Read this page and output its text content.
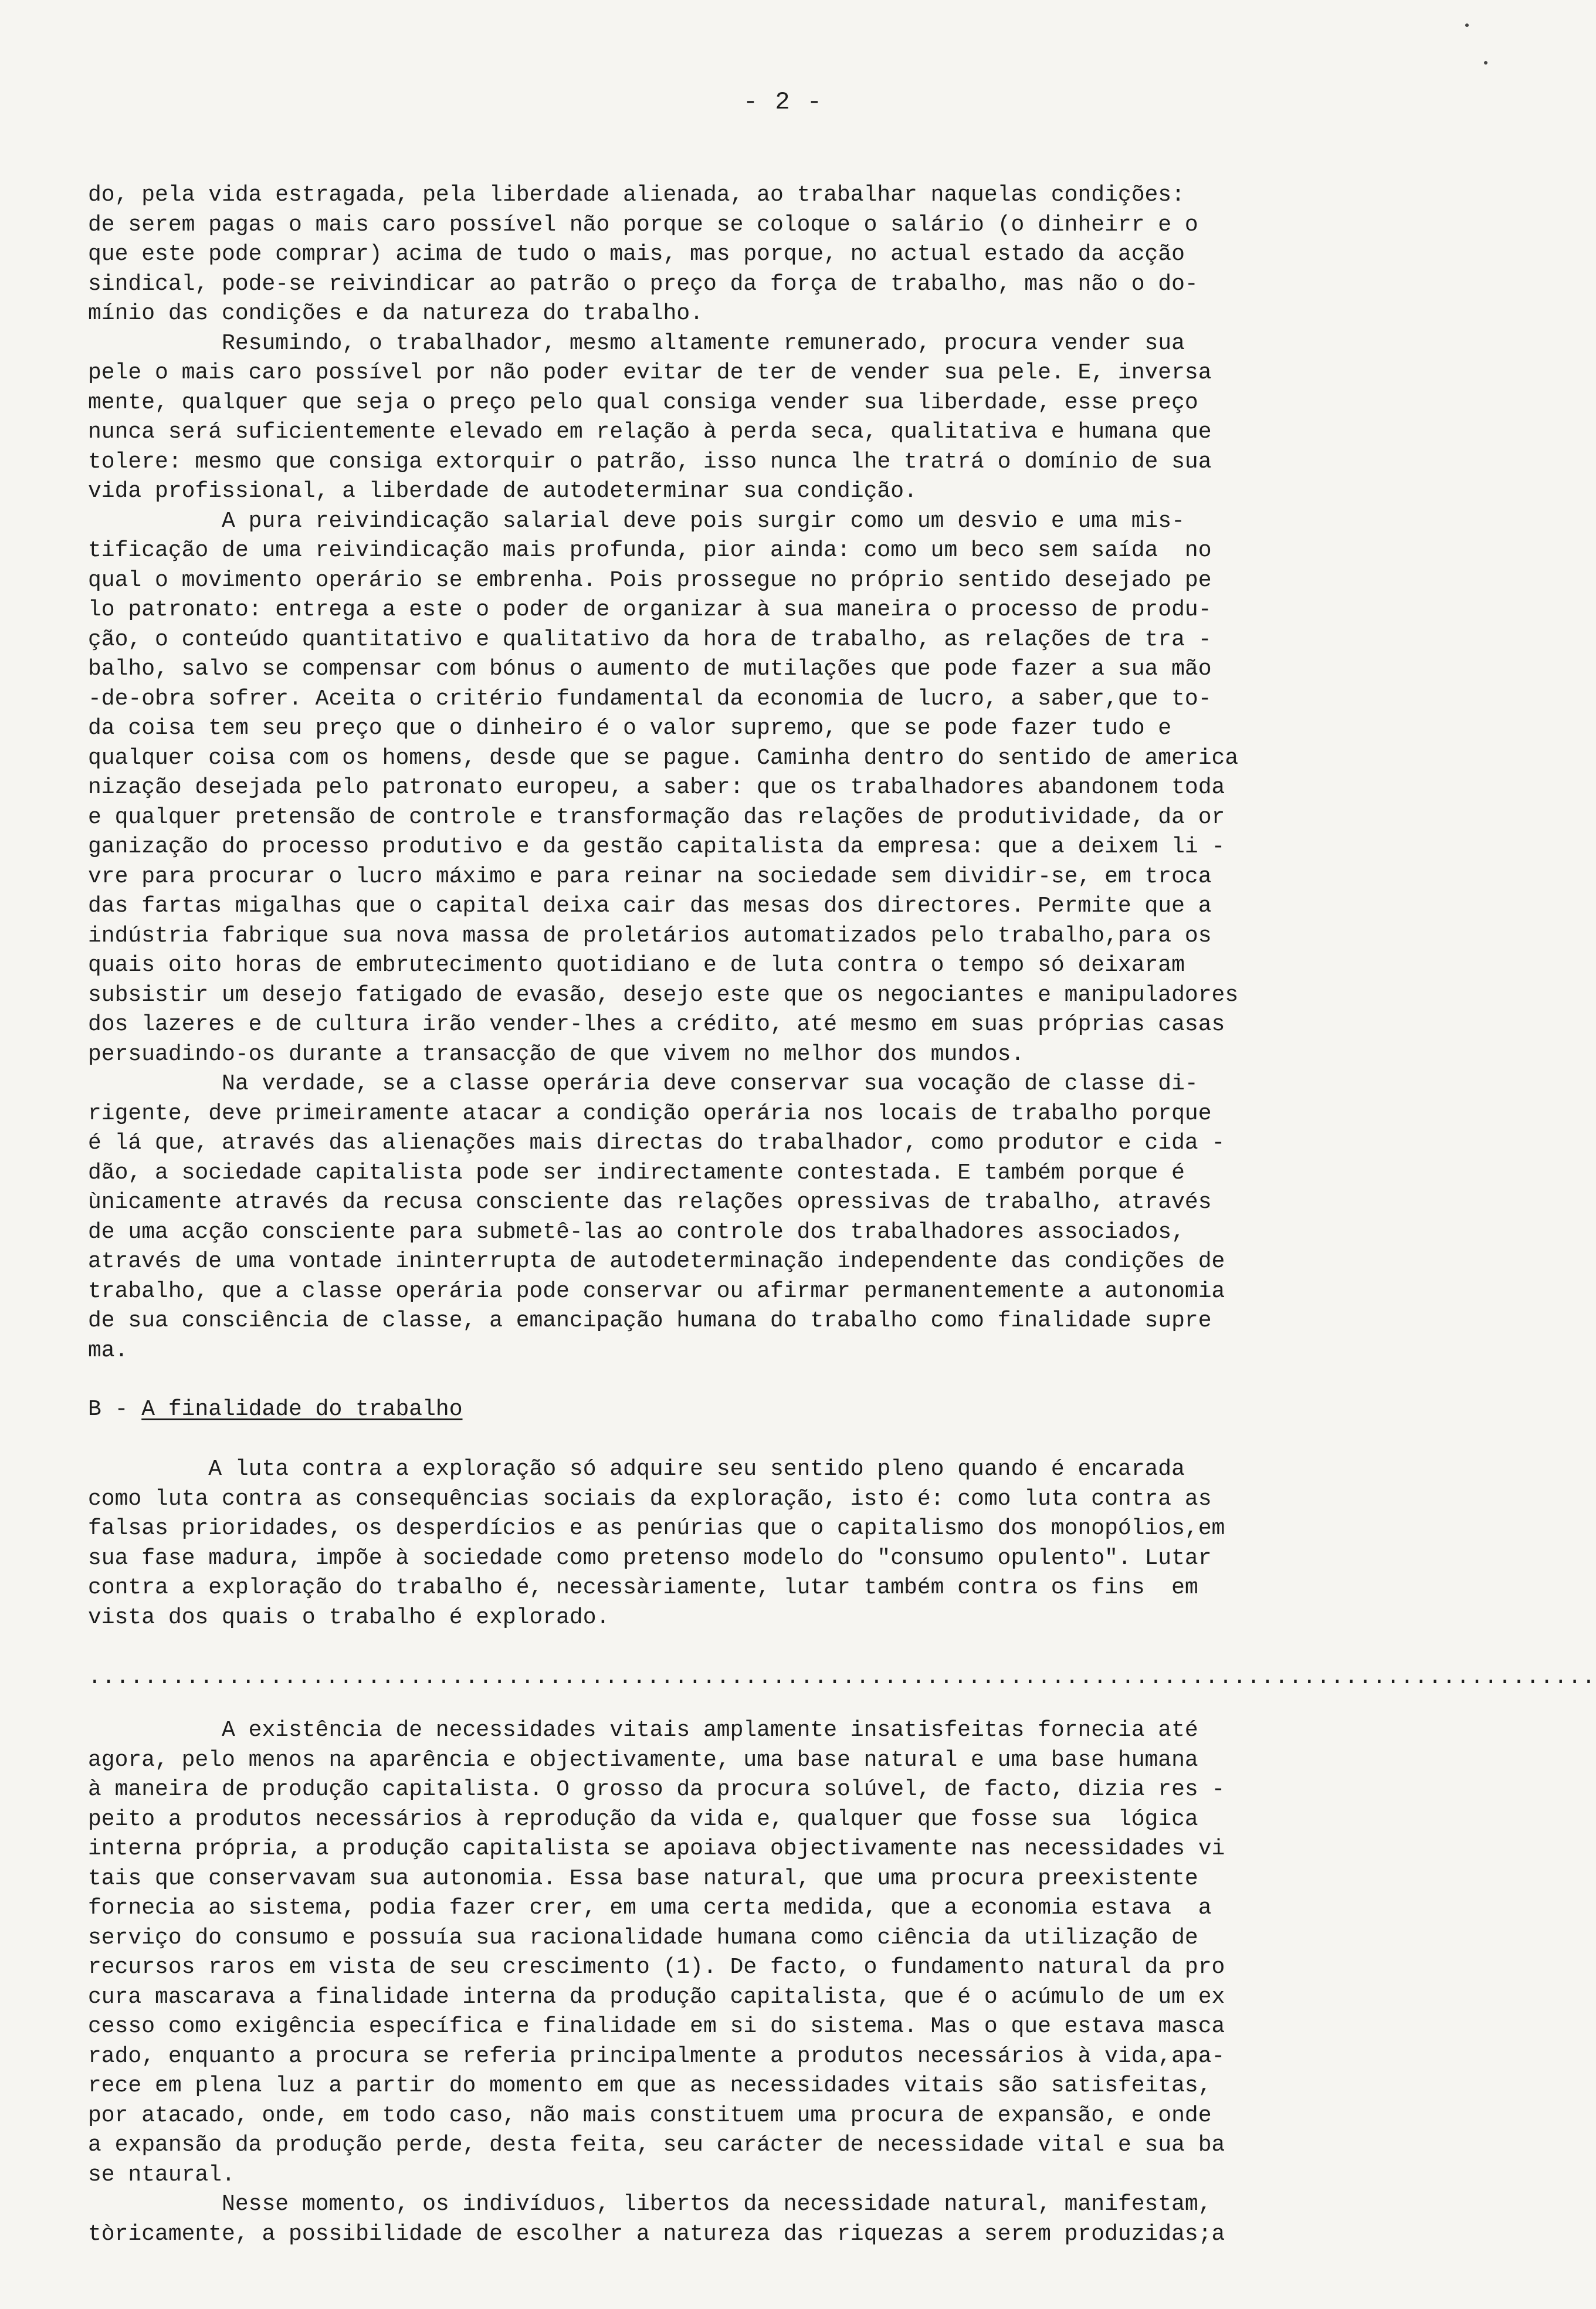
- 2 -
do, pela vida estragada, pela liberdade alienada, ao trabalhar naquelas condições:
de serem pagas o mais caro possível não porque se coloque o salário (o dinheirr e o
que este pode comprar) acima de tudo o mais, mas porque, no actual estado da acção
sindical, pode-se reivindicar ao patrão o preço da força de trabalho, mas não o do-
mínio das condições e da natureza do trabalho.
Resumindo, o trabalhador, mesmo altamente remunerado, procura vender sua
pele o mais caro possível por não poder evitar de ter de vender sua pele. E, inversa
mente, qualquer que seja o preço pelo qual consiga vender sua liberdade, esse preço
nunca será suficientemente elevado em relação à perda seca, qualitativa e humana que
tolere: mesmo que consiga extorquir o patrão, isso nunca lhe tratrá o domínio de sua
vida profissional, a liberdade de autodeterminar sua condição.
A pura reivindicação salarial deve pois surgir como um desvio e uma mis-
tificação de uma reivindicação mais profunda, pior ainda: como um beco sem saída  no
qual o movimento operário se embrenha. Pois prossegue no próprio sentido desejado pe
lo patronato: entrega a este o poder de organizar à sua maneira o processo de produ-
ção, o conteúdo quantitativo e qualitativo da hora de trabalho, as relações de tra -
balho, salvo se compensar com bónus o aumento de mutilações que pode fazer a sua mão
-de-obra sofrer. Aceita o critério fundamental da economia de lucro, a saber,que to-
da coisa tem seu preço que o dinheiro é o valor supremo, que se pode fazer tudo e
qualquer coisa com os homens, desde que se pague. Caminha dentro do sentido de america
nização desejada pelo patronato europeu, a saber: que os trabalhadores abandonem toda
e qualquer pretensão de controle e transformação das relações de produtividade, da or
ganização do processo produtivo e da gestão capitalista da empresa: que a deixem li -
vre para procurar o lucro máximo e para reinar na sociedade sem dividir-se, em troca
das fartas migalhas que o capital deixa cair das mesas dos directores. Permite que a
indústria fabrique sua nova massa de proletários automatizados pelo trabalho,para os
quais oito horas de embrutecimento quotidiano e de luta contra o tempo só deixaram
subsistir um desejo fatigado de evasão, desejo este que os negociantes e manipuladores
dos lazeres e de cultura irão vender-lhes a crédito, até mesmo em suas próprias casas
persuadindo-os durante a transacção de que vivem no melhor dos mundos.
Na verdade, se a classe operária deve conservar sua vocação de classe di-
rigente, deve primeiramente atacar a condição operária nos locais de trabalho porque
é lá que, através das alienações mais directas do trabalhador, como produtor e cida -
dão, a sociedade capitalista pode ser indirectamente contestada. E também porque é
ùnicamente através da recusa consciente das relações opressivas de trabalho, através
de uma acção consciente para submetê-las ao controle dos trabalhadores associados,
através de uma vontade ininterrupta de autodeterminação independente das condições de
trabalho, que a classe operária pode conservar ou afirmar permanentemente a autonomia
de sua consciência de classe, a emancipação humana do trabalho como finalidade supre
ma.
B - A finalidade do trabalho
A luta contra a exploração só adquire seu sentido pleno quando é encarada
como luta contra as consequências sociais da exploração, isto é: como luta contra as
falsas prioridades, os desperdícios e as penúrias que o capitalismo dos monopólios,em
sua fase madura, impõe à sociedade como pretenso modelo do "consumo opulento". Lutar
contra a exploração do trabalho é, necessàriamente, lutar também contra os fins  em
vista dos quais o trabalho é explorado.
............................................................................................................
A existência de necessidades vitais amplamente insatisfeitas fornecia até
agora, pelo menos na aparência e objectivamente, uma base natural e uma base humana
à maneira de produção capitalista. O grosso da procura solúvel, de facto, dizia res -
peito a produtos necessários à reprodução da vida e, qualquer que fosse sua  lógica
interna própria, a produção capitalista se apoiava objectivamente nas necessidades vi
tais que conservavam sua autonomia. Essa base natural, que uma procura preexistente
fornecia ao sistema, podia fazer crer, em uma certa medida, que a economia estava  a
serviço do consumo e possuía sua racionalidade humana como ciência da utilização de
recursos raros em vista de seu crescimento (1). De facto, o fundamento natural da pro
cura mascarava a finalidade interna da produção capitalista, que é o acúmulo de um ex
cesso como exigência específica e finalidade em si do sistema. Mas o que estava masca
rado, enquanto a procura se referia principalmente a produtos necessários à vida,apa-
rece em plena luz a partir do momento em que as necessidades vitais são satisfeitas,
por atacado, onde, em todo caso, não mais constituem uma procura de expansão, e onde
a expansão da produção perde, desta feita, seu carácter de necessidade vital e sua ba
se ntaural.
Nesse momento, os indivíduos, libertos da necessidade natural, manifestam,
tòricamente, a possibilidade de escolher a natureza das riquezas a serem produzidas;a
